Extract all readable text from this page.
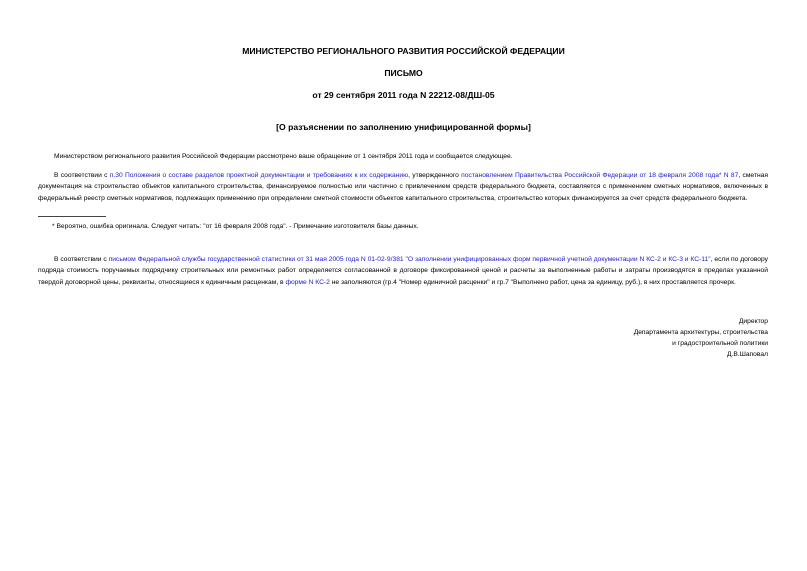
МИНИСТЕРСТВО РЕГИОНАЛЬНОГО РАЗВИТИЯ РОССИЙСКОЙ ФЕДЕРАЦИИ
ПИСЬМО
от 29 сентября 2011 года N 22212-08/ДШ-05
[О разъяснении по заполнению унифицированной формы]
Министерством регионального развития Российской Федерации рассмотрено ваше обращение от 1 сентября 2011 года и сообщается следующее.
В соответствии с п.30 Положения о составе разделов проектной документации и требованиях к их содержанию, утвержденного постановлением Правительства Российской Федерации от 18 февраля 2008 года* N 87, сметная документация на строительство объектов капитального строительства, финансируемое полностью или частично с привлечением средств федерального бюджета, составляется с применением сметных нормативов, включенных в федеральный реестр сметных нормативов, подлежащих применению при определении сметной стоимости объектов капитального строительства, строительство которых финансируется за счет средств федерального бюджета.
* Вероятно, ошибка оригинала. Следует читать: "от 16 февраля 2008 года". - Примечание изготовителя базы данных.
В соответствии с письмом Федеральной службы государственной статистики от 31 мая 2005 года N 01-02-9/381 "О заполнении унифицированных форм первичной учетной документации N КС-2 и КС-3 и КС-11", если по договору подряда стоимость поручаемых подрядчику строительных или ремонтных работ определяется согласованной в договоре фиксированной ценой и расчеты за выполненные работы и затраты производятся в пределах указанной твердой договорной цены, реквизиты, относящиеся к единичным расценкам, в форме N КС-2 не заполняются (гр.4 "Номер единичной расценки" и гр.7 "Выполнено работ, цена за единицу, руб.), в них проставляется прочерк.
Директор
Департамента архитектуры, строительства
и градостроительной политики
Д.В.Шаповал
